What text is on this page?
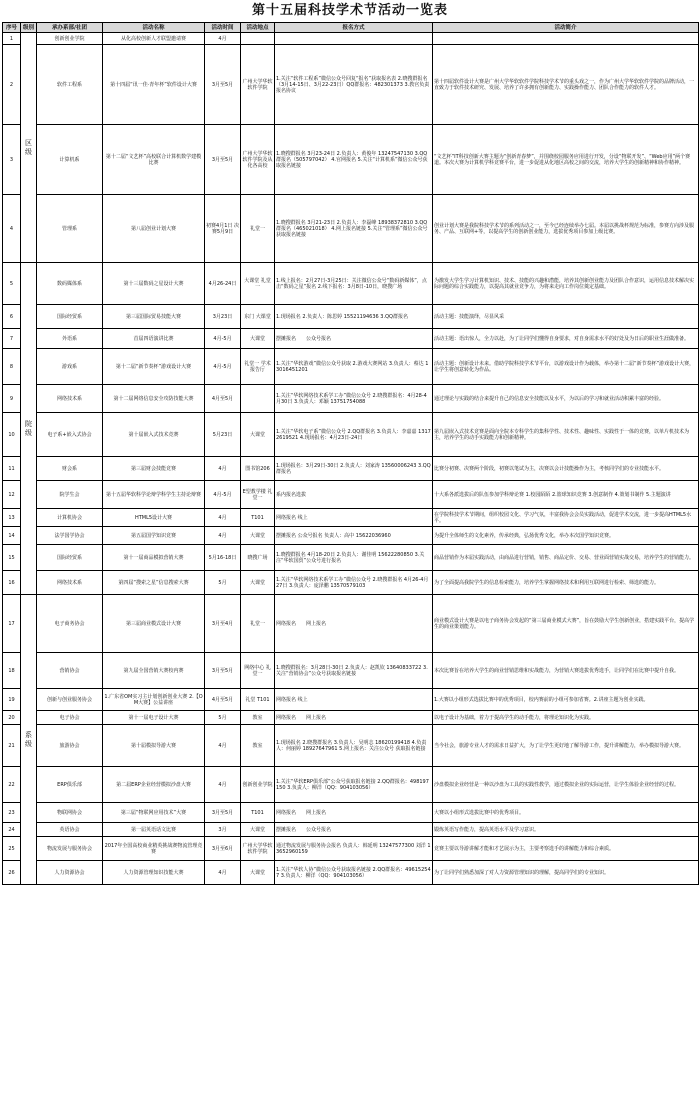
第十五届科技学术节活动一览表
序号	级别	承办系部/社团	活动名称	活动时间	活动地点	报名方式	活动简介
1	区级	创新创业学院	从化高校创新人才联盟邀请赛	4月			
2		软件工程系	第十四届“讯一佳·青年杯”软件设计大赛	3月至5月	广州大学华软软件学院	1.关注“软件工程系”微信公众号回复“报名”获取报名表 2.晓搜群报名（3月14-15日、3月22-23日）QQ群报名：482301373 3.教官负责报名协议	第十四届软件设计大赛是广州大学华软软件学院科技学术节的重头戏之一，作为广州大学华软软件学院的品牌活动，一直致力于软件技术研究、发展、培养了许多拥有创新能力、实践操作能力、团队合作能力的软件人才。
3		计算机系	第十二届“文艺杯”高校联合计算机数学建模比赛	3月至5月	广州大学华软软件学院及从化各高校	1.晓搜群报名 3月23-24日 2.负责人：黄俊年 13247547130 3.QQ群报名（505797042） 4.官网报名 5.关注“计算机系”微信公众号获取报名链接	“文艺杯”IT科技创新大赛主题为“创新青春梦”，并围绕校园服务应用进行开发，分设“物联开发”、“Web应用”两个赛道。本次大赛为计算机学科竞赛平台，进一步促进从化地区高校之间的交流，培养大学生的创新精神和协作精神。
4		管理系	第八届创业计划大赛	初赛4月1日 决赛5月9日	礼堂一	1.晓搜群报名 3月21-23日 2.负责人：李磊峰 18938372810 3.QQ群报名（465021018） 4.网上报名链接 5.关注“管理系”微信公众号获取报名链接	创业计划大赛是我院科技学术节的系列活动之一，至今已经连续举办七届。本届以挑战杯规范为标准，参赛方向涉及服务、产品、互联网+等，以提高学生的创新创业能力，选拔优秀项目参加上级比赛。
5	院级	数码媒体系	第十三届数码之星设计大赛	4月26-24日	大课堂 礼堂一	1.线上报名：2月27日-3月25日：关注微信公众号“数码新媒体”，点击“数码之星”报名 2.线下报名：3月8日-10日，晓搜广场	为激发大学生学习计算机知识、技术、技能的兴趣和潜能，培养其创新创业能力及团队合作意识，运用信息技术解决实际问题的综合实践能力，以提高其就业竞争力，为将来走向工作岗位奠定基础。
6		国际经贸系	第三届国际贸易技能大赛	3月23日	东门 大课堂	1.现场报名 2.负责人：陈思婷 15521194636 3.QQ群报名	活动主题：技能演绎，尽显风采
7		外语系	首届四语演讲比赛	4月-5月	大课堂	摆摊报名　　公众号报名	活动主题：语出惊人，全力以赴，为了让同学们懂得自身要求，对自身需求水平的好处及为日后的职业生涯做准备。
8		游戏系	第十二届“新节奏杯”游戏设计大赛	4月-5月	礼堂一 学术报告厅	1.关注“华软游戏”微信公众号获取 2.游戏大赛网站 3.负责人：蔡达 13016451201	活动主题：创新设计未来。借助学院科技学术节平台，以游戏设计作为载体，举办第十二届“新节奏杯”游戏设计大赛，让学生将创意转化为作品。
9		网络技术系	第十二届网络信息安全攻防技能大赛	4月至5月		1.关注“华软网络技术系学工办”微信公众号 2.晓搜群报名：4月28-4月30日 3.负责人：邓颖 13751754088	通过理论与实践的结合来提升自己的信息安全技能以及水平，为以后的学习和就业活动积累丰富的经验。
10		电子系+嵌入式协会	第十届嵌入式技术竞赛	5月23日	大课堂	1.关注“华软电子系”微信公众号 2.QQ群报名 3.负责人：李嘉嘉 13172619521 4.现场报名：4月23日-24日	第九届嵌入式技术竞赛是面向全院本专科学生的集科学性、技术性、趣味性、实践性于一体的竞赛，以单片机技术为主，培养学生的动手实践能力和创新精神。
11		财会系	第三届财会技能竞赛	4月	图书馆206	1.现场报名：3月29日-30日 2.负责人：刘家涛 13560006243 3.QQ群报名	比赛分初赛、决赛两个阶段，初赛以笔试为主，决赛以会计技能操作为主，考核同学们的专业技能水平。
12		院学生会	第十五届华软科学论辩学科学生主持论辩赛	4月-5月	E型教学楼 礼堂一	系内报名选拔	十大系各派选拔后的队伍参加学科辩论赛 1.校园陌陌 2.篮球知识竞赛 3.创意制作 4.策划书制作 5.主题演讲
13		计算机协会	HTML5设计大赛	4月	T101	网络报名 线上	在学院科技学术节期间，组织校园文化、学习气氛，丰富我协会会员实践活动，促进学术交流，进一步提高HTML5水平。
14		法学国学协会	第五届国学知识竞赛	4月	大课堂	摆摊报名 公众号报名 负责人：高中 15622036960	为提升全体师生的文化素养，传承经典，弘扬优秀文化，举办本次国学知识竞赛。
15		国际经贸系	第十一届商品模拟营销大赛	5月16-18日	晓搜广场	1.晓搜群报名 4月18-20日 2.负责人：谢佳明 15622280850 3.关注“华软国贸”公众号进行报名	商品营销作为本届实践活动，由商品进行营销，销售、商品定价、交易、营业面营销实战交易，培养学生的营销能力。
16		网络技术系	第四届“搜索之星”信息搜索大赛	5月	大课堂	1.关注“华软网络技术系学工办”微信公众号 2.晓搜群报名 4月26-4月27日 3.负责人：庞泽鹏 13570579103	为了全面提高我院学生的信息检索能力，培养学生掌握网络技术和利用互联网进行检索、筛选的能力。
17	系级	电子商务协会	第三届商业模式设计大赛	3月至4月	礼堂一	网络报名　　网上报名	商业模式设计大赛是以电子商务协会发起的“第三届商业模式大赛”，旨在鼓励大学生创新创业，搭建实践平台，提高学生的商业策划能力。
18		营销协会	第九届全国营销大赛校内赛	3月至5月	网络中心 礼堂一	1.晓搜群报名：3月28日-30日 2.负责人：赵凯钦 13640833722 3.关注“营销协会”公众号获取报名链接	本次比赛旨在培养大学生的商业营销思维和实战能力，为营销大赛选拔优秀选手，让同学们在比赛中提升自我。
19		创新与创业服务协会	1.广东省OM实习主计划创新创业大赛 2.【OM大赛】公益讲座	4月至5月	礼堂 T101	网络报名 线上	1.大赛以小组形式选拔比赛中的优秀项目，校内赛前的小组可参加省赛。2.讲座主题为创业实践。
20		电子协会	第十一届电子设计大赛	5月	教室	网络报名　　网上报名	以电子设计为基础，着力于提高学生的动手能力，将理论知识化为实践。
21		旅游协会	第十届模拟导游大赛	4月	教室	1.现场报名 2.晓搜群报名 3.负责人：吴明志 18620199418 4.负责人：何丽婷 18927647961 5.网上报名：关注公众号 获取报名链接	当今社会，旅游专业人才的需求日益扩大，为了让学生更好地了解导游工作，提升讲解能力，举办模拟导游大赛。
22		ERP俱乐部	第二届ERP企业经营模拟沙盘大赛	4月	创新创业学院	1.关注“华软ERP俱乐部”公众号获取报名链接 2.QQ群报名：498197150 3.负责人：柳洋（QQ：904103056）	沙盘模拟企业经营是一种以沙盘为工具的实践性教学，通过模拟企业的实际运营，让学生体验企业经营的过程。
23		物联网协会	第三届“物联网应用技术”大赛	3月至5月	T101	网络报名　　网上报名	大赛以小组形式选拔比赛中的优秀项目。
24		英语协会	第一届英语话文比赛	3月	大课堂	摆摊报名　　公众号报名	锻炼英语写作能力，提高英语水平及学习意识。
25		物流发展与服务协会	2017年全国高校商业精英挑战赛物流管理竞赛	3月至6月	广州大学华软软件学院	通过物流发展与服务协会报名 负责人：韩延明 13247577300 刘洋 13652960159	竞赛主要以导游讲解才能和才艺展示为主，主要考察选手的讲解能力和综合素质。
26		人力资源协会	人力资源管理知识技能大赛	4月	大课堂	1.关注“华软人协”微信公众号获取报名链接 2.QQ群报名：496152547 3.负责人：柳洋（QQ：904103056）	为了让同学们熟悉加深了对人力资源管理知识的理解，提高同学们的专业知识。
